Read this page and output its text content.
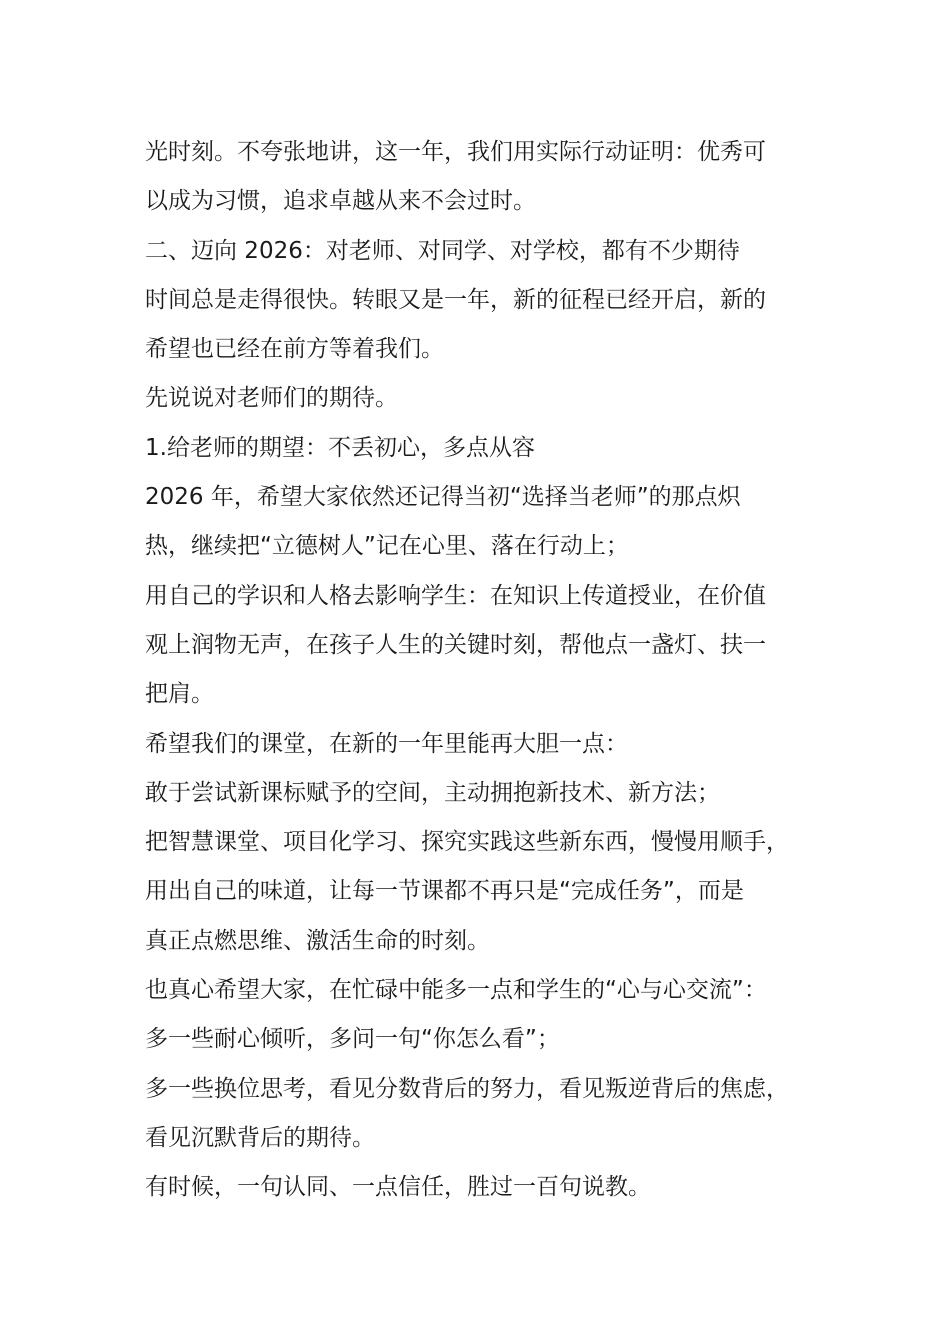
光时刻。不夸张地讲，这一年，我们用实际行动证明：优秀可
以成为习惯，追求卓越从来不会过时。
二、迈向 2026：对老师、对同学、对学校，都有不少期待
时间总是走得很快。转眼又是一年，新的征程已经开启，新的
希望也已经在前方等着我们。
先说说对老师们的期待。
1.给老师的期望：不丢初心，多点从容
2026 年，希望大家依然还记得当初“选择当老师”的那点炽
热，继续把“立德树人”记在心里、落在行动上；
用自己的学识和人格去影响学生：在知识上传道授业，在价值
观上润物无声，在孩子人生的关键时刻，帮他点一盏灯、扶一
把肩。
希望我们的课堂，在新的一年里能再大胆一点：
敢于尝试新课标赋予的空间，主动拥抱新技术、新方法；
把智慧课堂、项目化学习、探究实践这些新东西，慢慢用顺手，
用出自己的味道，让每一节课都不再只是“完成任务”，而是
真正点燃思维、激活生命的时刻。
也真心希望大家，在忙碌中能多一点和学生的“心与心交流”：
多一些耐心倾听，多问一句“你怎么看”；
多一些换位思考，看见分数背后的努力，看见叛逆背后的焦虑，
看见沉默背后的期待。
有时候，一句认同、一点信任，胜过一百句说教。
